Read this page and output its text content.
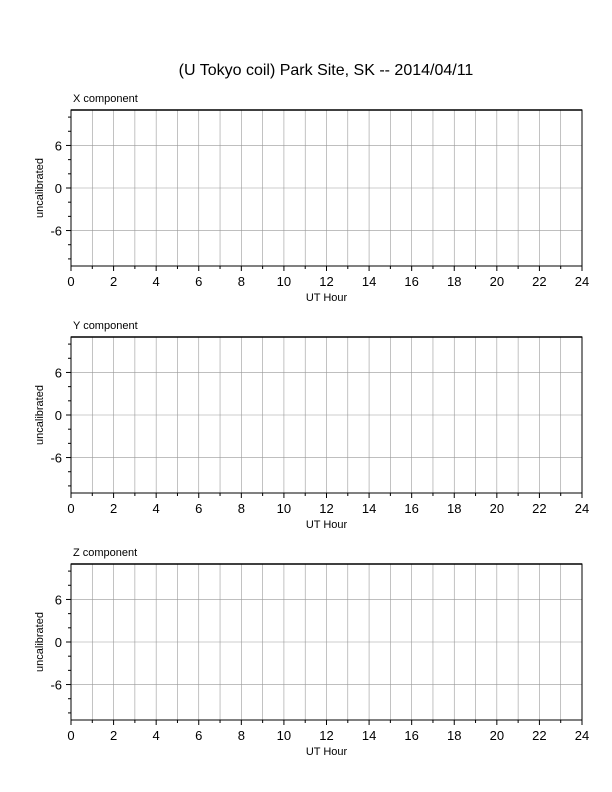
(U Tokyo coil) Park Site, SK -- 2014/04/11
X component
0	2	4	6	8 10 12 14 16 18 20 22 24
6
0
-6
UT Hour
uncalibrated
Y component
0	2	4	6	8 10 12 14 16 18 20 22 24
6
0
-6
UT Hour
uncalibrated
Z component
0	2	4	6	8 10 12 14 16 18 20 22 24
6
0
-6
UT Hour
uncalibrated
